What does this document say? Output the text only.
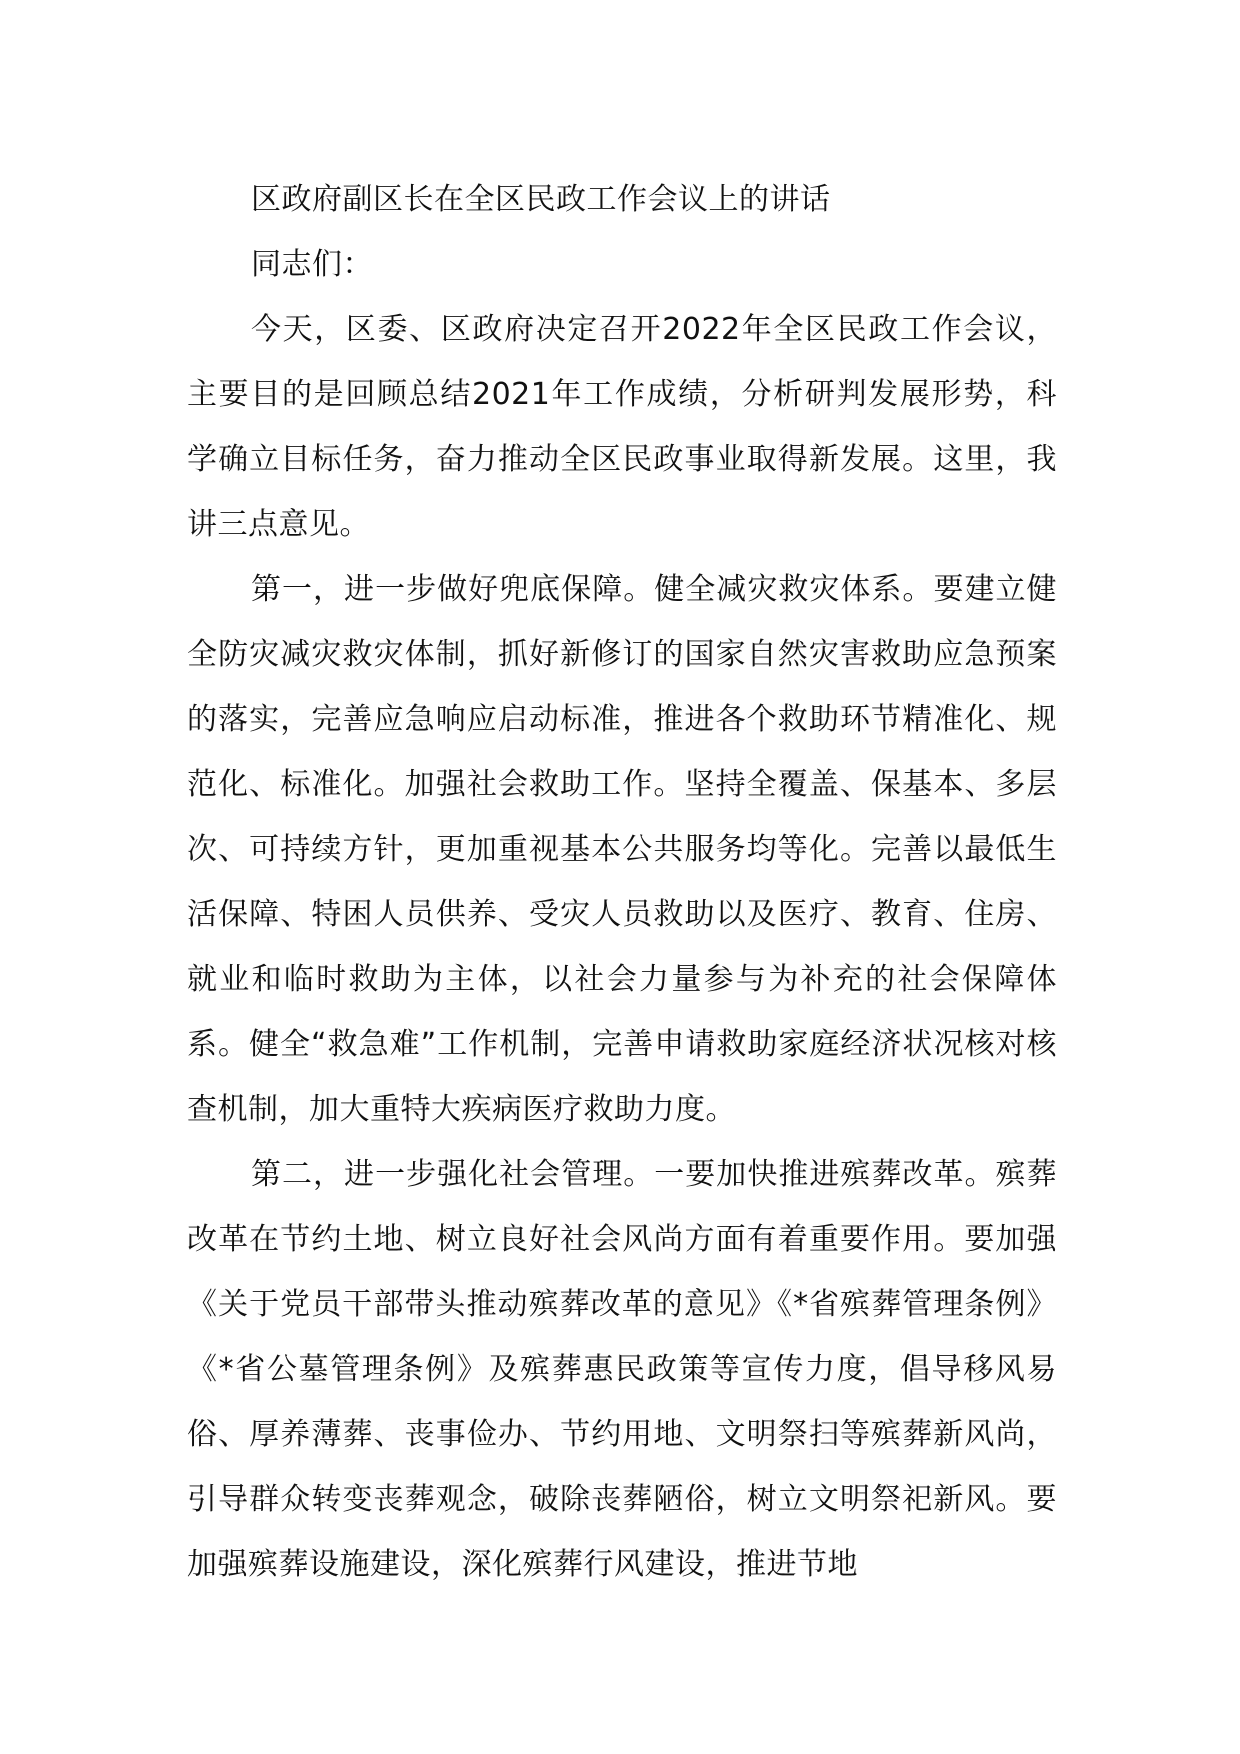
区政府副区长在全区民政工作会议上的讲话

同志们：

今天，区委、区政府决定召开2022年全区民政工作会议，主要目的是回顾总结2021年工作成绩，分析研判发展形势，科学确立目标任务，奋力推动全区民政事业取得新发展。这里，我讲三点意见。

第一，进一步做好兜底保障。健全减灾救灾体系。要建立健全防灾减灾救灾体制，抓好新修订的国家自然灾害救助应急预案的落实，完善应急响应启动标准，推进各个救助环节精准化、规范化、标准化。加强社会救助工作。坚持全覆盖、保基本、多层次、可持续方针，更加重视基本公共服务均等化。完善以最低生活保障、特困人员供养、受灾人员救助以及医疗、教育、住房、就业和临时救助为主体，以社会力量参与为补充的社会保障体系。健全“救急难”工作机制，完善申请救助家庭经济状况核对核查机制，加大重特大疾病医疗救助力度。

第二，进一步强化社会管理。一要加快推进殡葬改革。殡葬改革在节约土地、树立良好社会风尚方面有着重要作用。要加强《关于党员干部带头推动殡葬改革的意见》《*省殡葬管理条例》《*省公墓管理条例》及殡葬惠民政策等宣传力度，倡导移风易俗、厚养薄葬、丧事俭办、节约用地、文明祭扫等殡葬新风尚，引导群众转变丧葬观念，破除丧葬陋俗，树立文明祭祀新风。要加强殡葬设施建设，深化殡葬行风建设，推进节地
